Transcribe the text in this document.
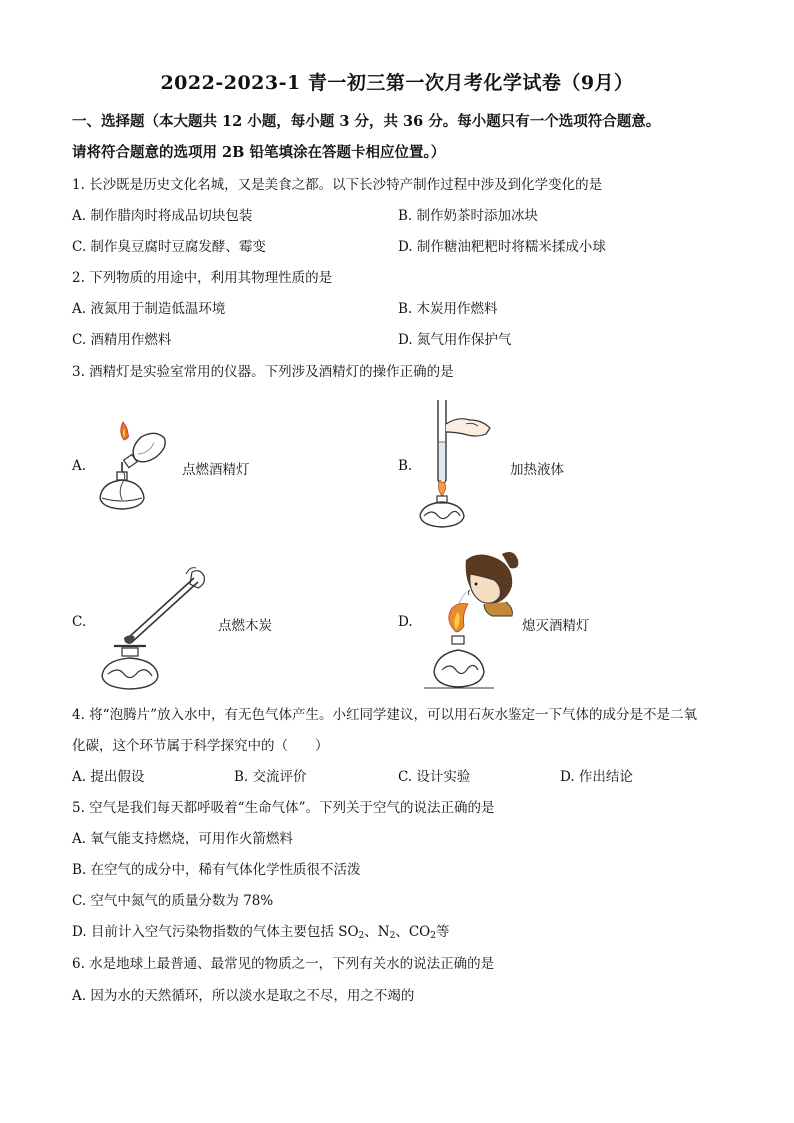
2022-2023-1 青一初三第一次月考化学试卷（9月）
一、选择题（本大题共 12 小题，每小题 3 分，共 36 分。每小题只有一个选项符合题意。
请将符合题意的选项用 2B 铅笔填涂在答题卡相应位置。）
1. 长沙既是历史文化名城，又是美食之都。以下长沙特产制作过程中涉及到化学变化的是
A. 制作腊肉时将成品切块包装	B. 制作奶茶时添加冰块
C. 制作臭豆腐时豆腐发酵、霉变	D. 制作糖油粑粑时将糯米揉成小球
2. 下列物质的用途中，利用其物理性质的是
A. 液氮用于制造低温环境	B. 木炭用作燃料
C. 酒精用作燃料	D. 氮气用作保护气
3. 酒精灯是实验室常用的仪器。下列涉及酒精灯的操作正确的是
A.	点燃酒精灯	B.	加热液体
C.	点燃木炭	D.	熄灭酒精灯
4. 将“泡腾片”放入水中，有无色气体产生。小红同学建议，可以用石灰水鉴定一下气体的成分是不是二氧
化碳，这个环节属于科学探究中的（　　）
A. 提出假设	B. 交流评价	C. 设计实验	D. 作出结论
5. 空气是我们每天都呼吸着“生命气体”。下列关于空气的说法正确的是
A. 氧气能支持燃烧，可用作火箭燃料
B. 在空气的成分中，稀有气体化学性质很不活泼
C. 空气中氮气的质量分数为 78%
D. 目前计入空气污染物指数的气体主要包括 $SO_2$、$N_2$、$CO_2$等
6. 水是地球上最普通、最常见的物质之一，下列有关水的说法正确的是
A. 因为水的天然循环，所以淡水是取之不尽，用之不竭的
